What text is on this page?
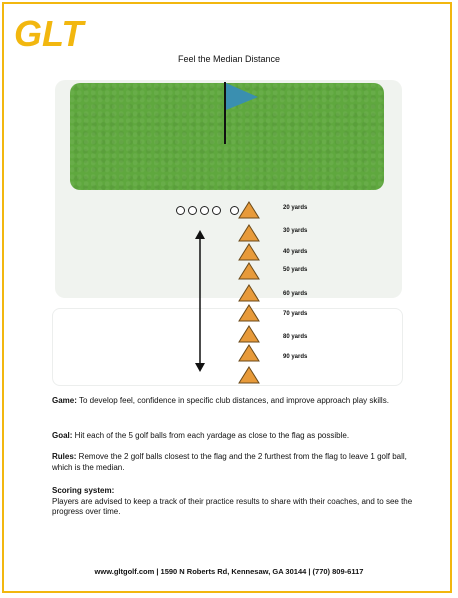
GLT
Feel the Median Distance
20 yards
30 yards
40 yards
50 yards
60 yards
70 yards
80 yards
90 yards
Game: To develop feel, confidence in specific club distances, and improve approach play skills.
Goal: Hit each of the 5 golf balls from each yardage as close to the flag as possible.
Rules: Remove the 2 golf balls closest to the flag and the 2 furthest from the flag to leave 1 golf ball, which is the median.
Scoring system:
Players are advised to keep a track of their practice results to share with their coaches, and to see the progress over time.
www.gltgolf.com | 1590 N Roberts Rd, Kennesaw, GA 30144 | (770) 809-6117
